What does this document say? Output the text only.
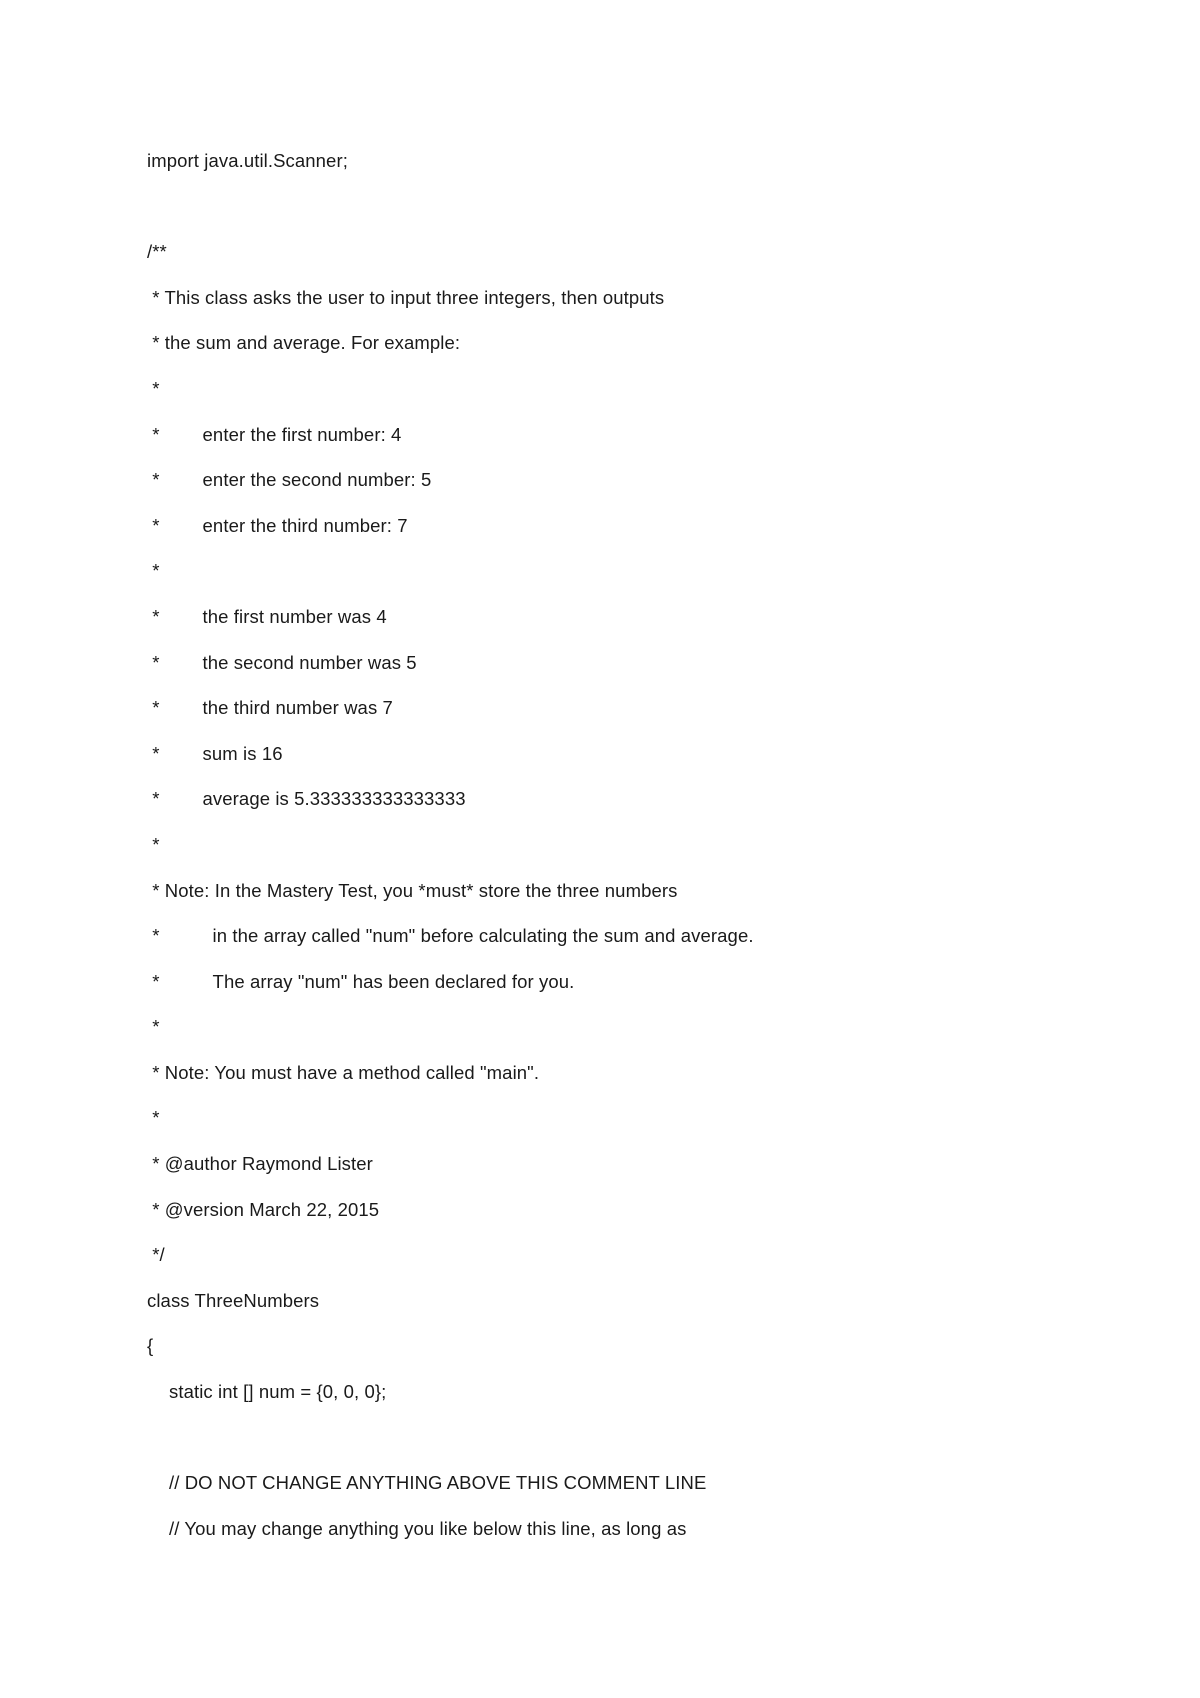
import java.util.Scanner;
/**
* This class asks the user to input three integers, then outputs
* the sum and average. For example:
*
* enter the first number: 4
* enter the second number: 5
* enter the third number: 7
*
* the first number was 4
* the second number was 5
* the third number was 7
* sum is 16
* average is 5.333333333333333
*
* Note: In the Mastery Test, you *must* store the three numbers
*	in the array called "num" before calculating the sum and average.
*	The array "num" has been declared for you.
*
* Note: You must have a method called "main".
*
* @author Raymond Lister
* @version March 22, 2015
*/
class ThreeNumbers
{
static int [] num = {0, 0, 0};
// DO NOT CHANGE ANYTHING ABOVE THIS COMMENT LINE
// You may change anything you like below this line, as long as
